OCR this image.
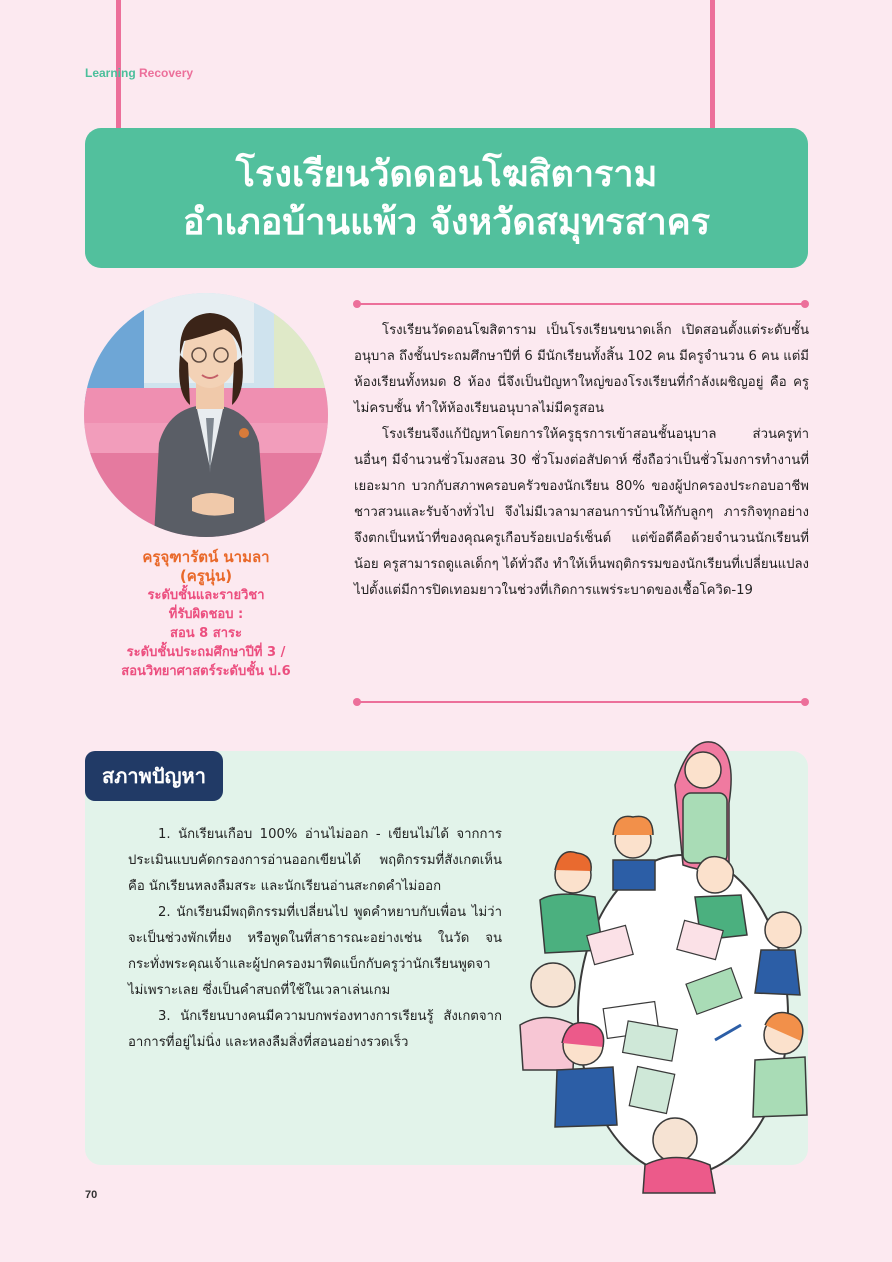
Learning Recovery
โรงเรียนวัดดอนโฆสิตาราม
อำเภอบ้านแพ้ว จังหวัดสมุทรสาคร
ครูจุฑารัตน์ นามลา
(ครูนุ่น)
ระดับชั้นและรายวิชา
ที่รับผิดชอบ :
สอน 8 สาระ
ระดับชั้นประถมศึกษาปีที่ 3 /
สอนวิทยาศาสตร์ระดับชั้น ป.6

โรงเรียนวัดดอนโฆสิตาราม เป็นโรงเรียนขนาดเล็ก เปิดสอนตั้งแต่ระดับชั้นอนุบาล ถึงชั้นประถมศึกษาปีที่ 6 มีนักเรียนทั้งสิ้น 102 คน มีครูจำนวน 6 คน แต่มีห้องเรียนทั้งหมด 8 ห้อง นี่จึงเป็นปัญหาใหญ่ของโรงเรียนที่กำลังเผชิญอยู่ คือ ครูไม่ครบชั้น ทำให้ห้องเรียนอนุบาลไม่มีครูสอน

โรงเรียนจึงแก้ปัญหาโดยการให้ครูธุรการเข้าสอนชั้นอนุบาล ส่วนครูท่านอื่นๆ มีจำนวนชั่วโมงสอน 30 ชั่วโมงต่อสัปดาห์ ซึ่งถือว่าเป็นชั่วโมงการทำงานที่เยอะมาก บวกกับสภาพครอบครัวของนักเรียน 80% ของผู้ปกครองประกอบอาชีพชาวสวนและรับจ้างทั่วไป จึงไม่มีเวลามาสอนการบ้านให้กับลูกๆ ภารกิจทุกอย่างจึงตกเป็นหน้าที่ของคุณครูเกือบร้อยเปอร์เซ็นต์ แต่ข้อดีคือด้วยจำนวนนักเรียนที่น้อย ครูสามารถดูแลเด็กๆ ได้ทั่วถึง ทำให้เห็นพฤติกรรมของนักเรียนที่เปลี่ยนแปลงไปตั้งแต่มีการปิดเทอมยาวในช่วงที่เกิดการแพร่ระบาดของเชื้อโควิด-19

สภาพปัญหา

1. นักเรียนเกือบ 100% อ่านไม่ออก - เขียนไม่ได้ จากการประเมินแบบคัดกรองการอ่านออกเขียนได้ พฤติกรรมที่สังเกตเห็นคือ นักเรียนหลงลืมสระ และนักเรียนอ่านสะกดคำไม่ออก

2. นักเรียนมีพฤติกรรมที่เปลี่ยนไป พูดคำหยาบกับเพื่อน ไม่ว่าจะเป็นช่วงพักเที่ยง หรือพูดในที่สาธารณะอย่างเช่น ในวัด จนกระทั่งพระคุณเจ้าและผู้ปกครองมาฟีดแบ็กกับครูว่านักเรียนพูดจาไม่เพราะเลย ซึ่งเป็นคำสบถที่ใช้ในเวลาเล่นเกม

3. นักเรียนบางคนมีความบกพร่องทางการเรียนรู้ สังเกตจากอาการที่อยู่ไม่นิ่ง และหลงลืมสิ่งที่สอนอย่างรวดเร็ว

70
